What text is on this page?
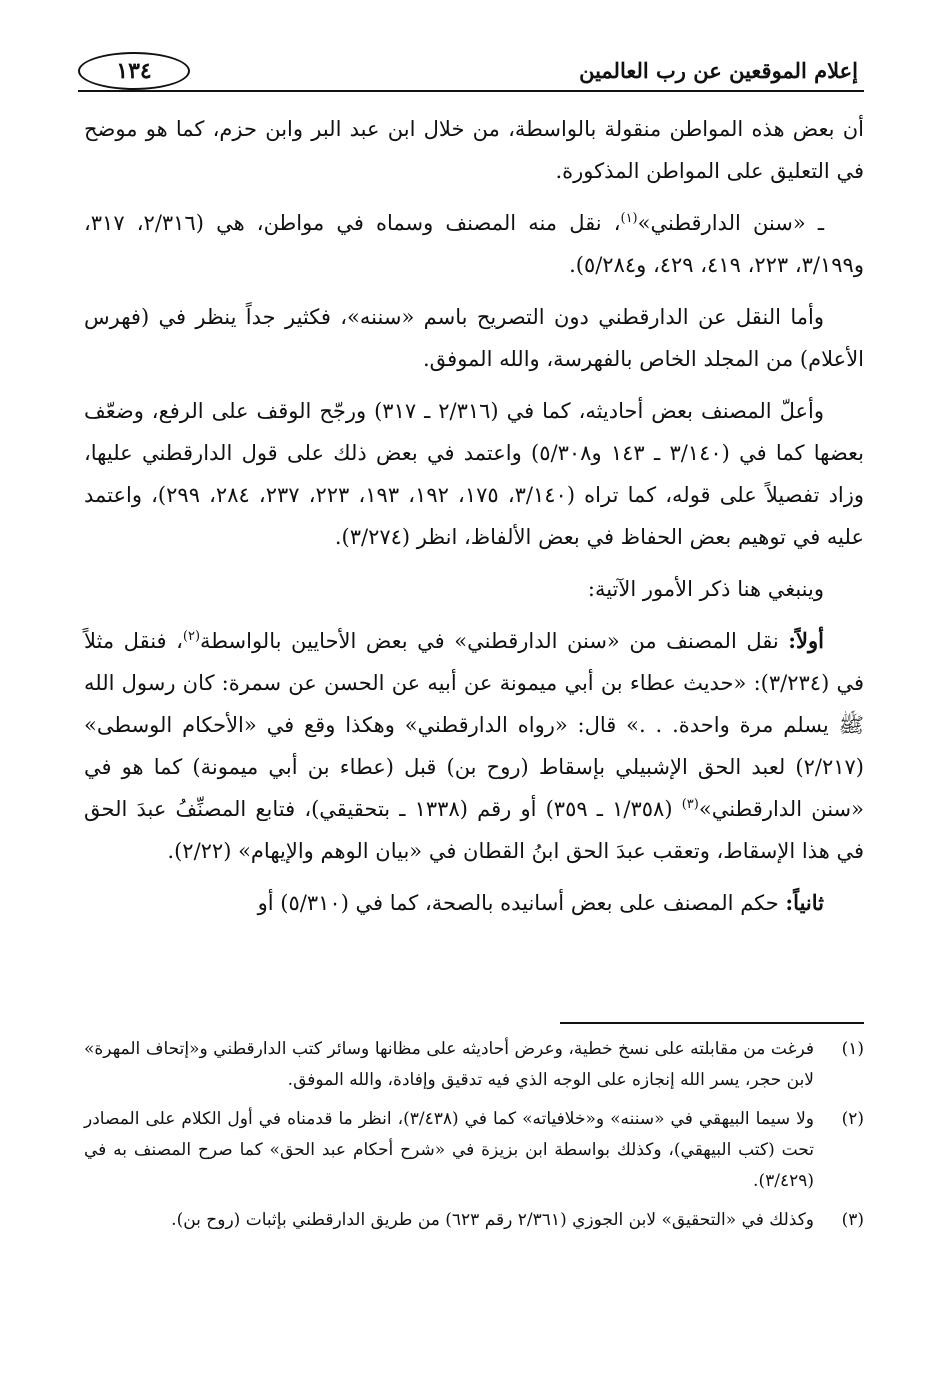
إعلام الموقعين عن رب العالمين
١٣٤

أن بعض هذه المواطن منقولة بالواسطة، من خلال ابن عبد البر وابن حزم، كما هو موضح في التعليق على المواطن المذكورة.

ـ «سنن الدارقطني»$^{(١)}$، نقل منه المصنف وسماه في مواطن، هي (٢/٣١٦، ٣١٧، و٣/١٩٩، ٢٢٣، ٤١٩، ٤٢٩، و٥/٢٨٤).

وأما النقل عن الدارقطني دون التصريح باسم «سننه»، فكثير جداً ينظر في (فهرس الأعلام) من المجلد الخاص بالفهرسة، والله الموفق.

وأعلّ المصنف بعض أحاديثه، كما في (٢/٣١٦ ـ ٣١٧) ورجّح الوقف على الرفع، وضعّف بعضها كما في (٣/١٤٠ ـ ١٤٣ و٥/٣٠٨) واعتمد في بعض ذلك على قول الدارقطني عليها، وزاد تفصيلاً على قوله، كما تراه (٣/١٤٠، ١٧٥، ١٩٢، ١٩٣، ٢٢٣، ٢٣٧، ٢٨٤، ٢٩٩)، واعتمد عليه في توهيم بعض الحفاظ في بعض الألفاظ، انظر (٣/٢٧٤).

وينبغي هنا ذكر الأمور الآتية:

أولاً: نقل المصنف من «سنن الدارقطني» في بعض الأحايين بالواسطة$^{(٢)}$، فنقل مثلاً في (٣/٢٣٤): «حديث عطاء بن أبي ميمونة عن أبيه عن الحسن عن سمرة: كان رسول الله ﷺ يسلم مرة واحدة. . .» قال: «رواه الدارقطني» وهكذا وقع في «الأحكام الوسطى» (٢/٢١٧) لعبد الحق الإشبيلي بإسقاط (روح بن) قبل (عطاء بن أبي ميمونة) كما هو في «سنن الدارقطني»$^{(٣)}$ (١/٣٥٨ ـ ٣٥٩) أو رقم (١٣٣٨ ـ بتحقيقي)، فتابع المصنِّفُ عبدَ الحق في هذا الإسقاط، وتعقب عبدَ الحق ابنُ القطان في «بيان الوهم والإيهام» (٢/٢٢).

ثانياً: حكم المصنف على بعض أسانيده بالصحة، كما في (٥/٣١٠) أو

(١)
فرغت من مقابلته على نسخ خطية، وعرض أحاديثه على مظانها وسائر كتب الدارقطني و«إتحاف المهرة» لابن حجر، يسر الله إنجازه على الوجه الذي فيه تدقيق وإفادة، والله الموفق.
(٢)
ولا سيما البيهقي في «سننه» و«خلافياته» كما في (٣/٤٣٨)، انظر ما قدمناه في أول الكلام على المصادر تحت (كتب البيهقي)، وكذلك بواسطة ابن بزيزة في «شرح أحكام عبد الحق» كما صرح المصنف به في (٣/٤٢٩).
(٣)
وكذلك في «التحقيق» لابن الجوزي (٢/٣٦١ رقم ٦٢٣) من طريق الدارقطني بإثبات (روح بن).
